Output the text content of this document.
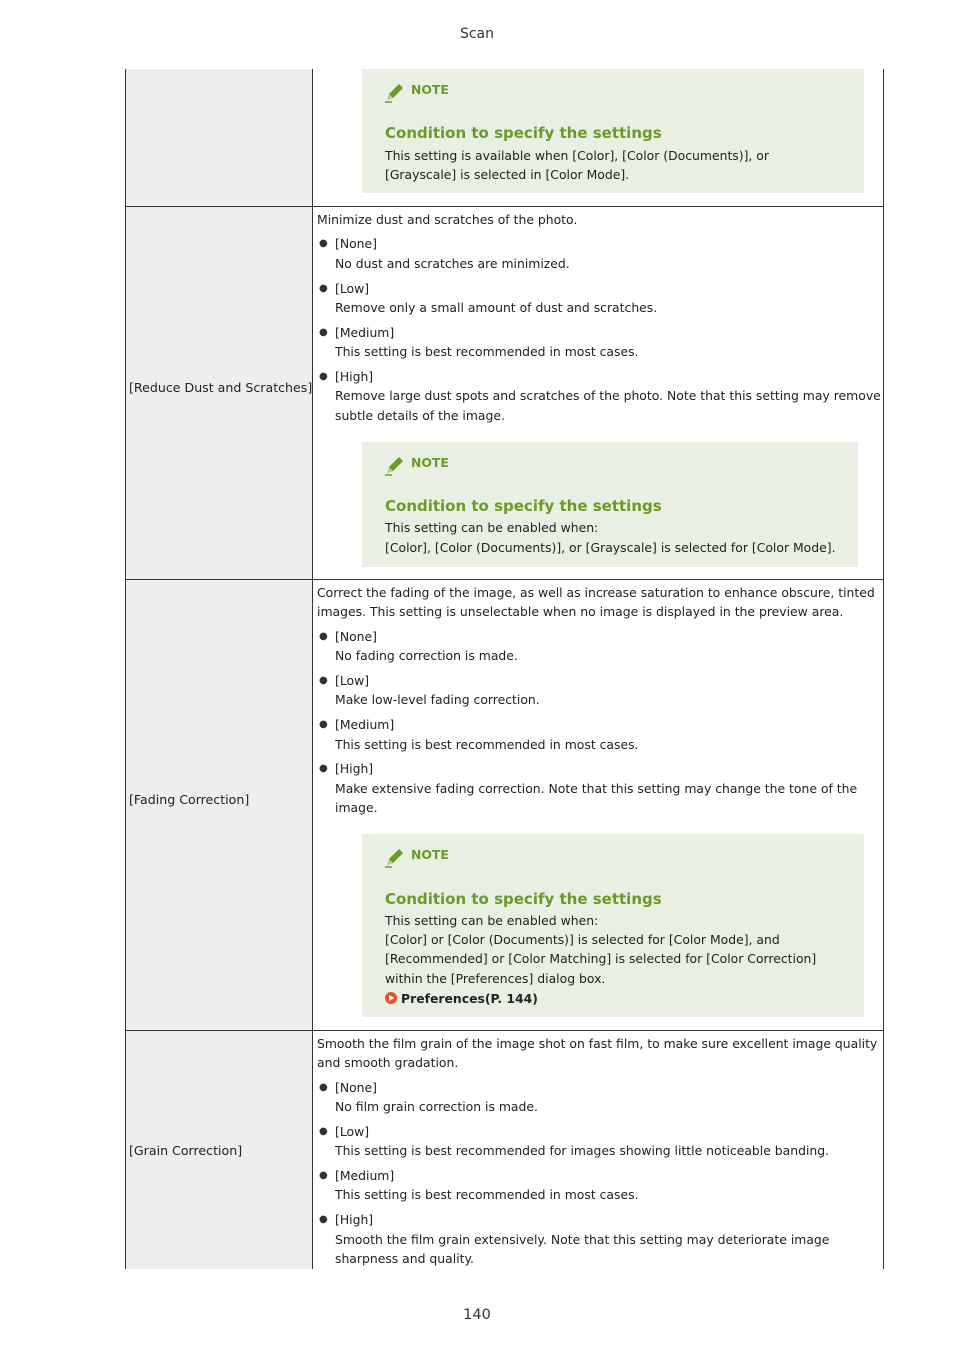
Scan
NOTE
Condition to specify the settings
This setting is available when [Color], [Color (Documents)], or
[Grayscale] is selected in [Color Mode].
[Reduce Dust and Scratches]
Minimize dust and scratches of the photo.
● [None]
No dust and scratches are minimized.
● [Low]
Remove only a small amount of dust and scratches.
● [Medium]
This setting is best recommended in most cases.
● [High]
Remove large dust spots and scratches of the photo. Note that this setting may remove
subtle details of the image.
NOTE
Condition to specify the settings
This setting can be enabled when:
[Color], [Color (Documents)], or [Grayscale] is selected for [Color Mode].
[Fading Correction]
Correct the fading of the image, as well as increase saturation to enhance obscure, tinted
images. This setting is unselectable when no image is displayed in the preview area.
● [None]
No fading correction is made.
● [Low]
Make low-level fading correction.
● [Medium]
This setting is best recommended in most cases.
● [High]
Make extensive fading correction. Note that this setting may change the tone of the
image.
NOTE
Condition to specify the settings
This setting can be enabled when:
[Color] or [Color (Documents)] is selected for [Color Mode], and
[Recommended] or [Color Matching] is selected for [Color Correction]
within the [Preferences] dialog box.
Preferences(P. 144)
[Grain Correction]
Smooth the film grain of the image shot on fast film, to make sure excellent image quality
and smooth gradation.
● [None]
No film grain correction is made.
● [Low]
This setting is best recommended for images showing little noticeable banding.
● [Medium]
This setting is best recommended in most cases.
● [High]
Smooth the film grain extensively. Note that this setting may deteriorate image
sharpness and quality.
140
